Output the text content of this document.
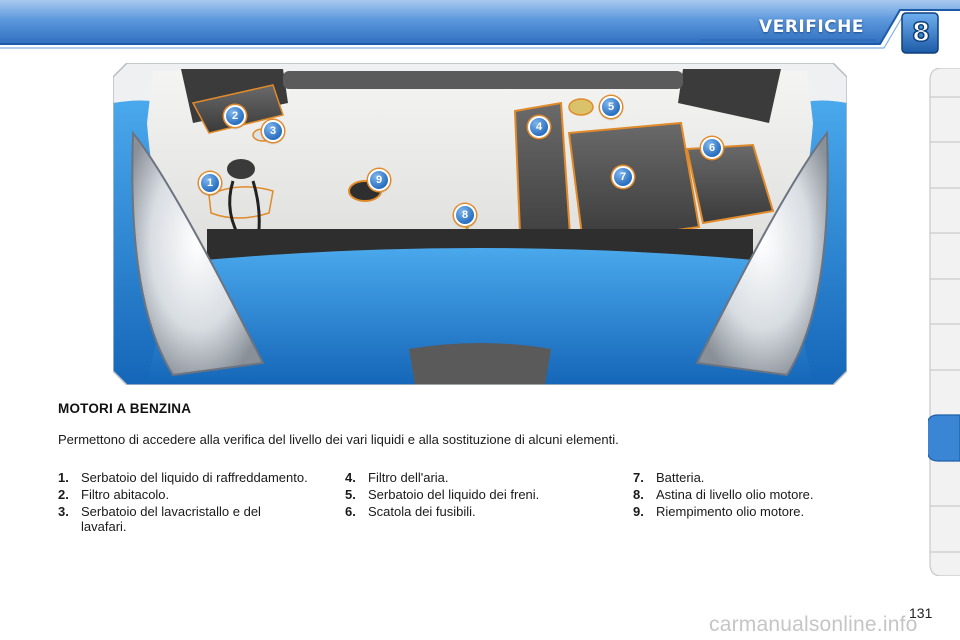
VERIFICHE	8
1
2
3	4
5
6
7
8
9
MOTORI A BENZINA
Permettono di accedere alla verifica del livello dei vari liquidi e alla sostituzione di alcuni elementi.
1. Serbatoio del liquido di raffreddamento.
2. Filtro abitacolo.
3. Serbatoio del lavacristallo e del lavafari.
4. Filtro dell'aria.
5. Serbatoio del liquido dei freni.
6. Scatola dei fusibili.
7. Batteria.
8. Astina di livello olio motore.
9. Riempimento olio motore.
131
carmanualsonline.info
